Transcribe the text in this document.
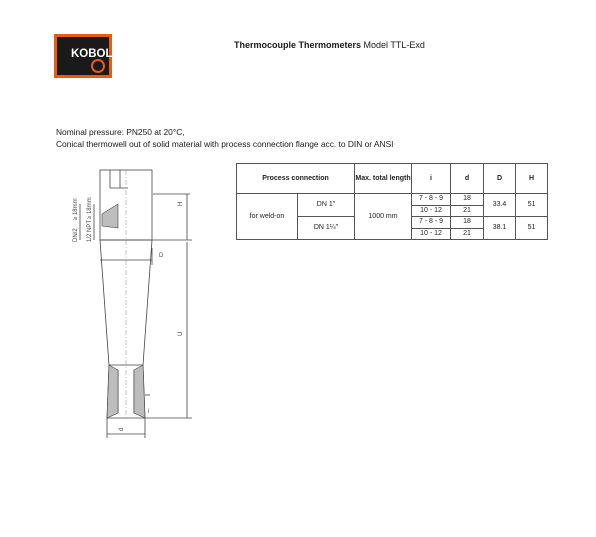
KOBOLD
Thermocouple Thermometers Model TTL-Exd
Nominal pressure: PN250 at 20°C,
Conical thermowell out of solid material with process connection flange acc. to DIN or ANSI
DN/2
≥ 18mm
1/2 NPT
≥ 18mm	H
D
U
i
d
Process connection		Max. total length	i	d	D	H
for weld-on	DN 1"	1000 mm	7 - 8 - 9	18	33.4	51
			10 - 12	21		
	DN 1¼"		7 - 8 - 9	18	38.1	51
			10 - 12	21		
